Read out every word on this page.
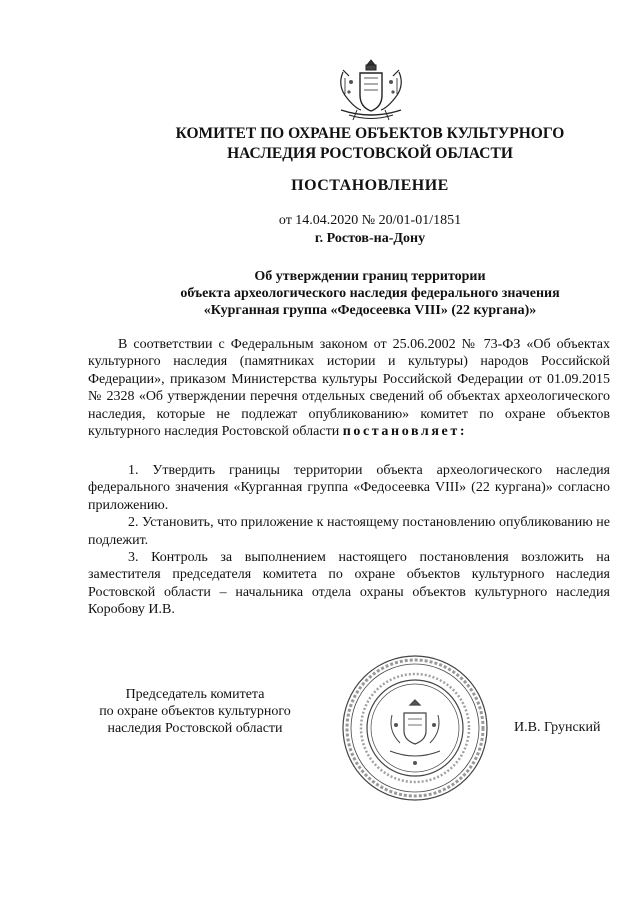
КОМИТЕТ ПО ОХРАНЕ ОБЪЕКТОВ КУЛЬТУРНОГО
НАСЛЕДИЯ РОСТОВСКОЙ ОБЛАСТИ
ПОСТАНОВЛЕНИЕ
от 14.04.2020 № 20/01-01/1851
г. Ростов-на-Дону
Об утверждении границ территории
объекта археологического наследия федерального значения
«Курганная группа «Федосеевка VIII» (22 кургана)»
В соответствии с Федеральным законом от 25.06.2002 № 73-ФЗ «Об объектах культурного наследия (памятниках истории и культуры) народов Российской Федерации», приказом Министерства культуры Российской Федерации от 01.09.2015 № 2328 «Об утверждении перечня отдельных сведений об объектах археологического наследия, которые не подлежат опубликованию» комитет по охране объектов культурного наследия Ростовской области постановляет:

1. Утвердить границы территории объекта археологического наследия федерального значения «Курганная группа «Федосеевка VIII» (22 кургана)» согласно приложению.

2. Установить, что приложение к настоящему постановлению опубликованию не подлежит.

3. Контроль за выполнением настоящего постановления возложить на заместителя председателя комитета по охране объектов культурного наследия Ростовской области – начальника отдела охраны объектов культурного наследия Коробову И.В.

Председатель комитета
по охране объектов культурного
наследия Ростовской области	И.В. Грунский
